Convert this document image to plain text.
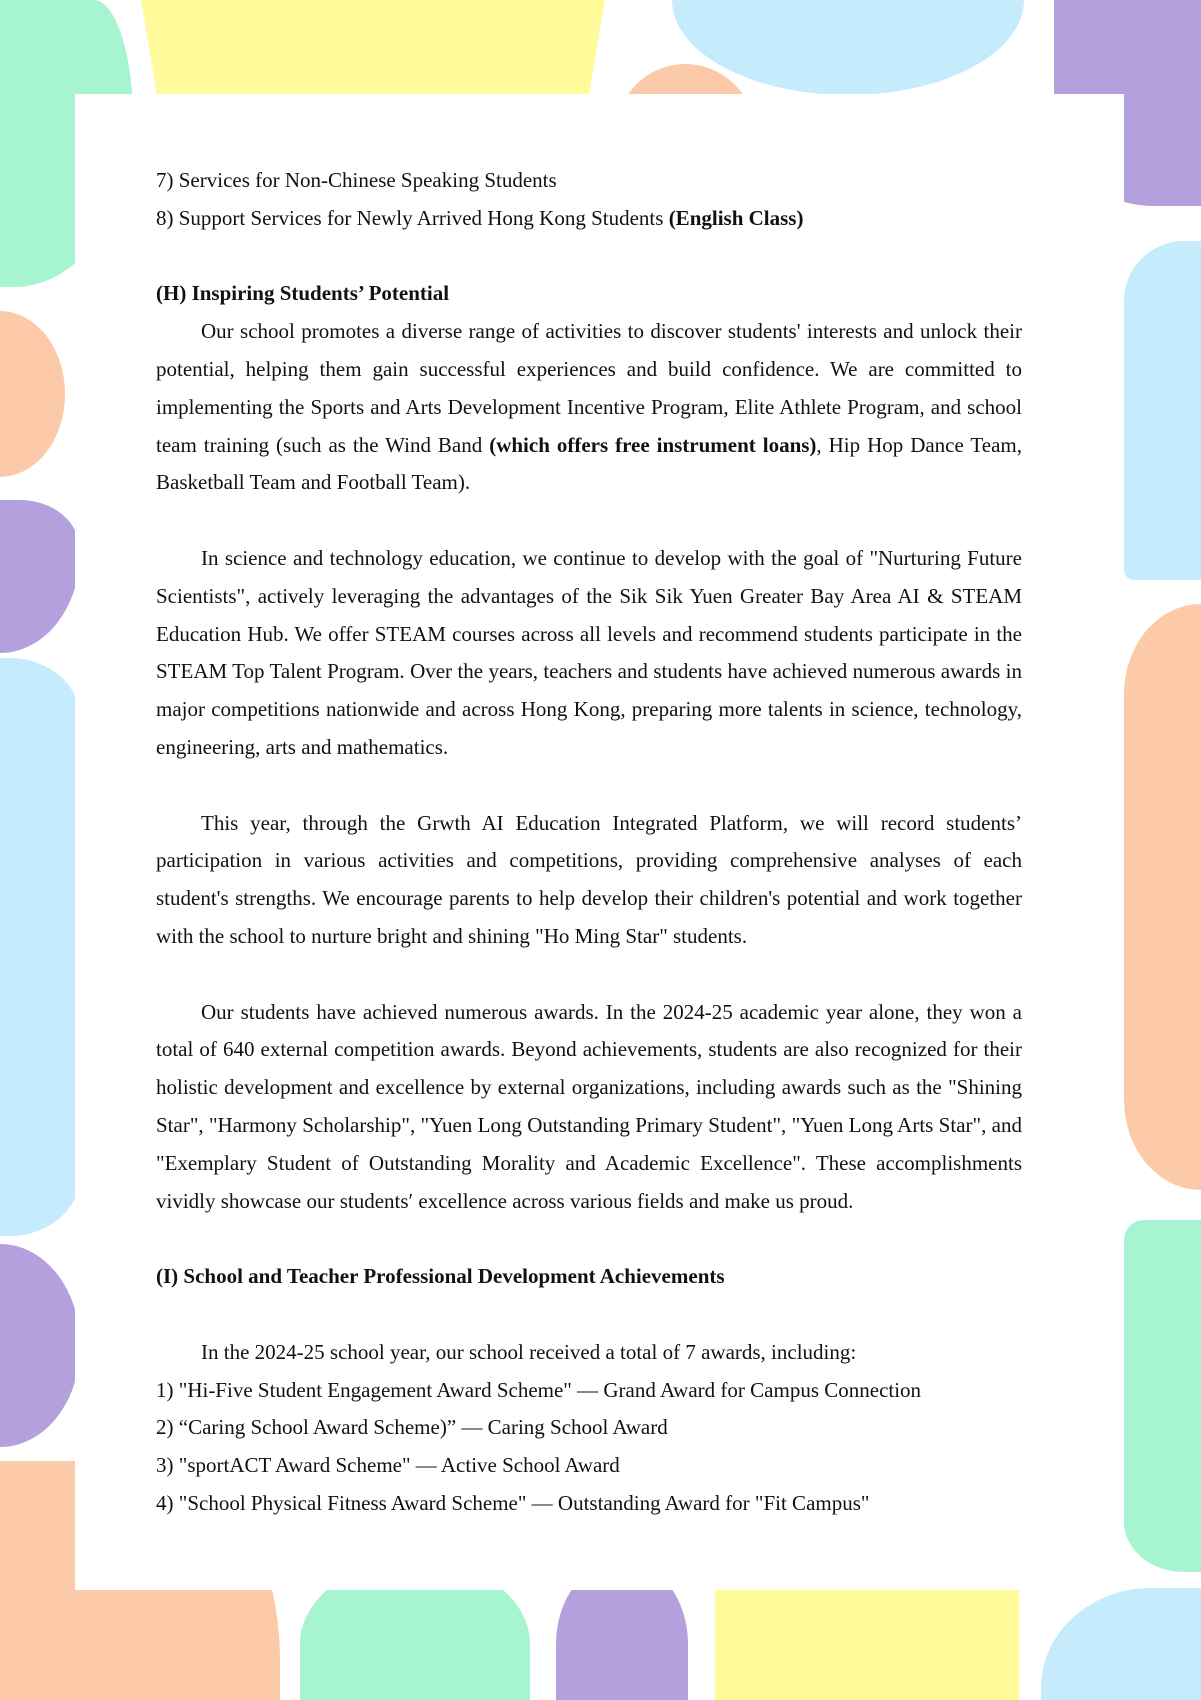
7) Services for Non-Chinese Speaking Students

8) Support Services for Newly Arrived Hong Kong Students (English Class)

(H) Inspiring Students’ Potential

Our school promotes a diverse range of activities to discover students' interests and unlock their potential, helping them gain successful experiences and build confidence. We are committed to implementing the Sports and Arts Development Incentive Program, Elite Athlete Program, and school team training (such as the Wind Band (which offers free instrument loans), Hip Hop Dance Team, Basketball Team and Football Team).

In science and technology education, we continue to develop with the goal of "Nurturing Future Scientists", actively leveraging the advantages of the Sik Sik Yuen Greater Bay Area AI & STEAM Education Hub. We offer STEAM courses across all levels and recommend students participate in the STEAM Top Talent Program. Over the years, teachers and students have achieved numerous awards in major competitions nationwide and across Hong Kong, preparing more talents in science, technology, engineering, arts and mathematics.

This year, through the Grwth AI Education Integrated Platform, we will record students’ participation in various activities and competitions, providing comprehensive analyses of each student's strengths. We encourage parents to help develop their children's potential and work together with the school to nurture bright and shining "Ho Ming Star" students.

Our students have achieved numerous awards. In the 2024-25 academic year alone, they won a total of 640 external competition awards. Beyond achievements, students are also recognized for their holistic development and excellence by external organizations, including awards such as the "Shining Star", "Harmony Scholarship", "Yuen Long Outstanding Primary Student", "Yuen Long Arts Star", and "Exemplary Student of Outstanding Morality and Academic Excellence". These accomplishments vividly showcase our students′ excellence across various fields and make us proud.

(I) School and Teacher Professional Development Achievements

In the 2024-25 school year, our school received a total of 7 awards, including:

1) "Hi-Five Student Engagement Award Scheme" — Grand Award for Campus Connection

2) “Caring School Award Scheme)” — Caring School Award

3) "sportACT Award Scheme" — Active School Award

4) "School Physical Fitness Award Scheme" — Outstanding Award for "Fit Campus"
